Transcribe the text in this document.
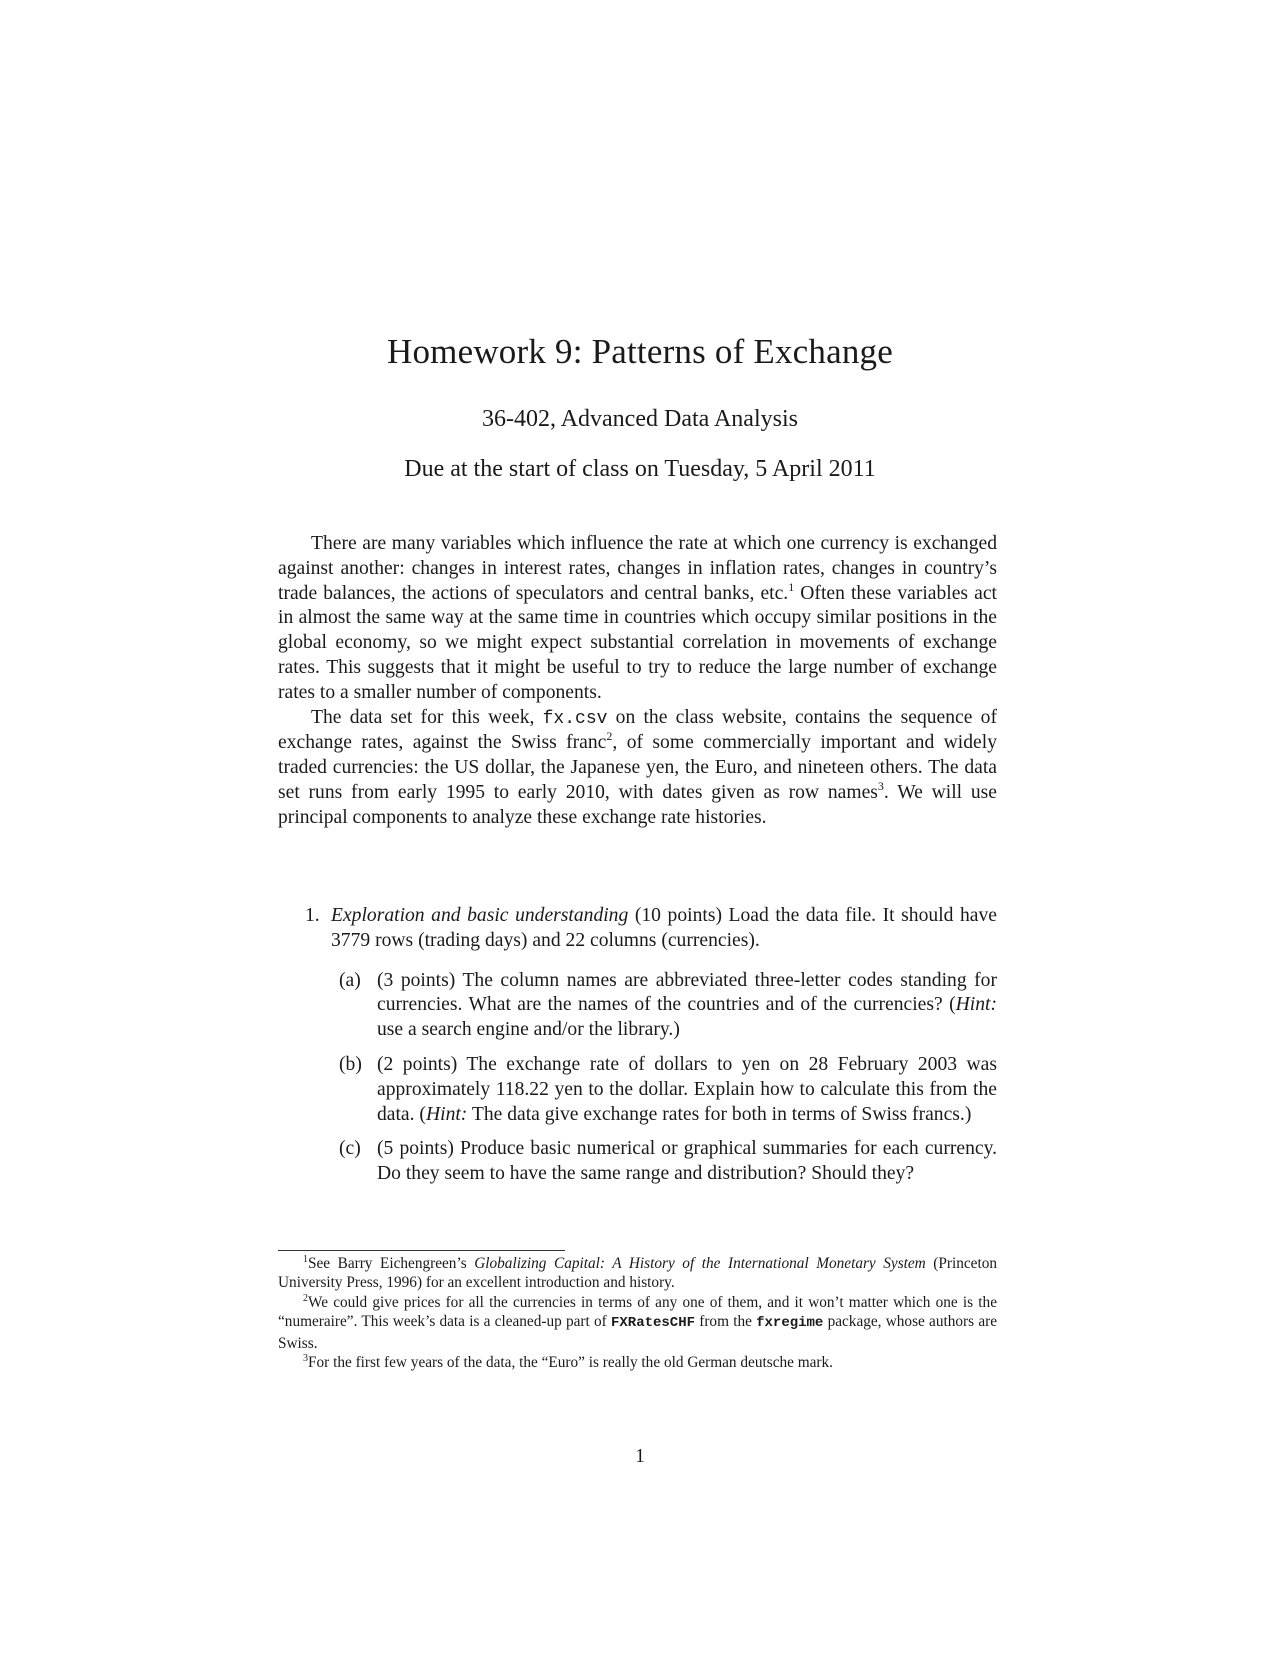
Homework 9: Patterns of Exchange
36-402, Advanced Data Analysis
Due at the start of class on Tuesday, 5 April 2011

There are many variables which influence the rate at which one currency is exchanged against another: changes in interest rates, changes in inflation rates, changes in country’s trade balances, the actions of speculators and central banks, etc.$^1$ Often these variables act in almost the same way at the same time in countries which occupy similar positions in the global economy, so we might expect substantial correlation in movements of exchange rates. This suggests that it might be useful to try to reduce the large number of exchange rates to a smaller number of components.

The data set for this week, fx.csv on the class website, contains the sequence of exchange rates, against the Swiss franc$^2$, of some commercially important and widely traded currencies: the US dollar, the Japanese yen, the Euro, and nineteen others. The data set runs from early 1995 to early 2010, with dates given as row names$^3$. We will use principal components to analyze these exchange rate histories.

1. Exploration and basic understanding (10 points) Load the data file. It should have 3779 rows (trading days) and 22 columns (currencies).
(a) (3 points) The column names are abbreviated three-letter codes standing for currencies. What are the names of the countries and of the currencies? (Hint: use a search engine and/or the library.)
(b) (2 points) The exchange rate of dollars to yen on 28 February 2003 was approximately 118.22 yen to the dollar. Explain how to calculate this from the data. (Hint: The data give exchange rates for both in terms of Swiss francs.)
(c) (5 points) Produce basic numerical or graphical summaries for each currency. Do they seem to have the same range and distribution? Should they?

$^1$See Barry Eichengreen’s Globalizing Capital: A History of the International Monetary System (Princeton University Press, 1996) for an excellent introduction and history.

$^2$We could give prices for all the currencies in terms of any one of them, and it won’t matter which one is the “numeraire”. This week’s data is a cleaned-up part of FXRatesCHF from the fxregime package, whose authors are Swiss.

$^3$For the first few years of the data, the “Euro” is really the old German deutsche mark.

1
